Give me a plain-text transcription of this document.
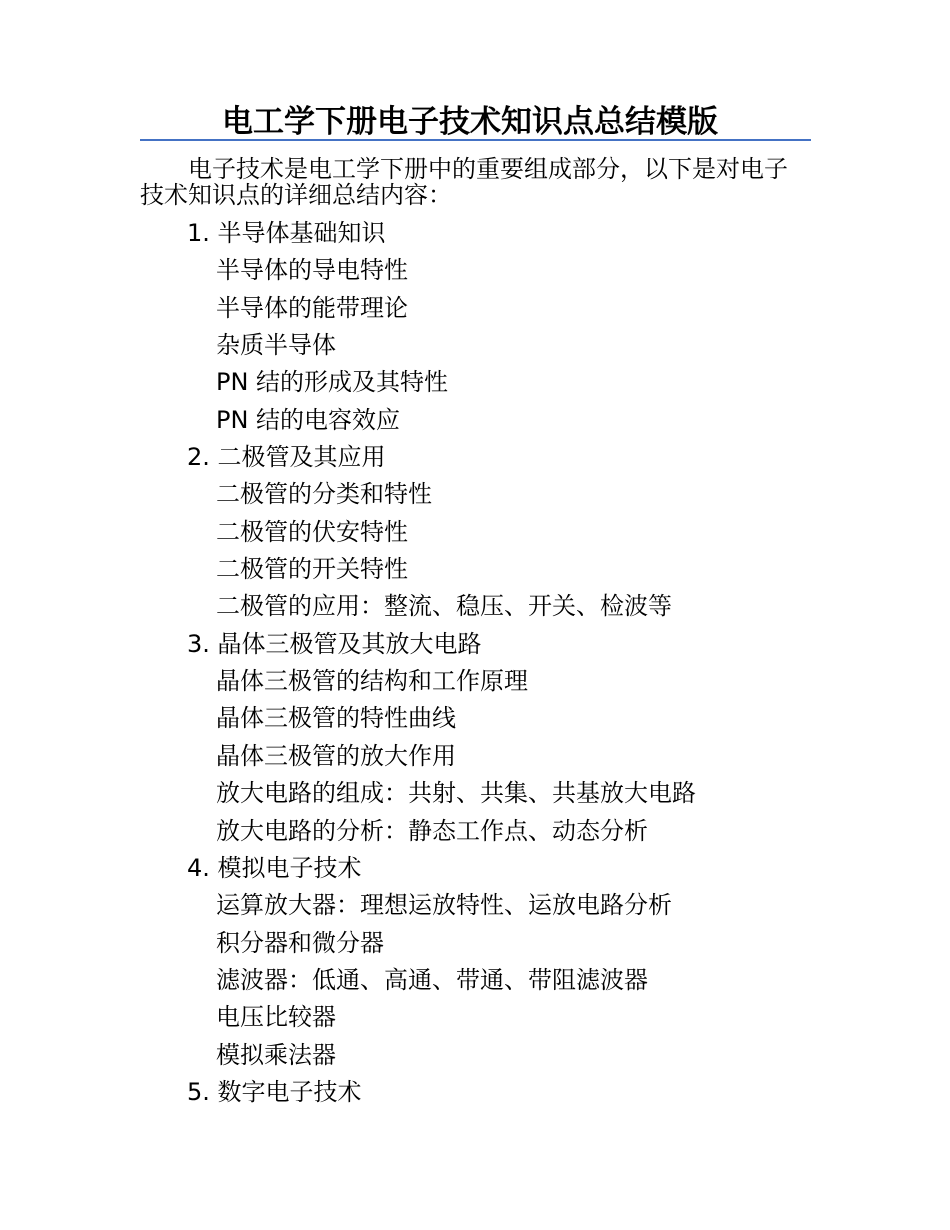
电工学下册电子技术知识点总结模版
电子技术是电工学下册中的重要组成部分，以下是对电子
技术知识点的详细总结内容：
1. 半导体基础知识
半导体的导电特性
半导体的能带理论
杂质半导体
PN 结的形成及其特性
PN 结的电容效应
2. 二极管及其应用
二极管的分类和特性
二极管的伏安特性
二极管的开关特性
二极管的应用：整流、稳压、开关、检波等
3. 晶体三极管及其放大电路
晶体三极管的结构和工作原理
晶体三极管的特性曲线
晶体三极管的放大作用
放大电路的组成：共射、共集、共基放大电路
放大电路的分析：静态工作点、动态分析
4. 模拟电子技术
运算放大器：理想运放特性、运放电路分析
积分器和微分器
滤波器：低通、高通、带通、带阻滤波器
电压比较器
模拟乘法器
5. 数字电子技术
